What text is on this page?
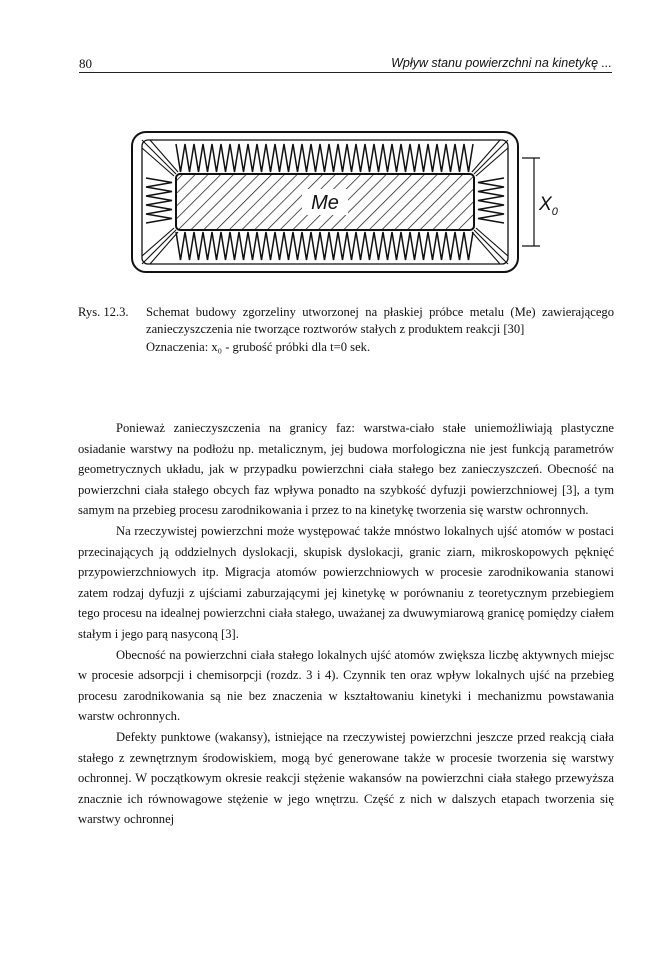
80	Wpływ stanu powierzchni na kinetykę ...
Me	$X_0$
Rys. 12.3. Schemat budowy zgorzeliny utworzonej na płaskiej próbce metalu (Me) zawierającego zanieczyszczenia nie tworzące roztworów stałych z produktem reakcji [30]
Oznaczenia: x₀ - grubość próbki dla t=0 sek.

Ponieważ zanieczyszczenia na granicy faz: warstwa-ciało stałe uniemożliwiają plastyczne osiadanie warstwy na podłożu np. metalicznym, jej budowa morfologiczna nie jest funkcją parametrów geometrycznych układu, jak w przypadku powierzchni ciała stałego bez zanieczyszczeń. Obecność na powierzchni ciała stałego obcych faz wpływa ponadto na szybkość dyfuzji powierzchniowej [3], a tym samym na przebieg procesu zarodnikowania i przez to na kinetykę tworzenia się warstw ochronnych.

Na rzeczywistej powierzchni może występować także mnóstwo lokalnych ujść atomów w postaci przecinających ją oddzielnych dyslokacji, skupisk dyslokacji, granic ziarn, mikroskopowych pęknięć przypowierzchniowych itp. Migracja atomów powierzchniowych w procesie zarodnikowania stanowi zatem rodzaj dyfuzji z ujściami zaburzającymi jej kinetykę w porównaniu z teoretycznym przebiegiem tego procesu na idealnej powierzchni ciała stałego, uważanej za dwuwymiarową granicę pomiędzy ciałem stałym i jego parą nasyconą [3].

Obecność na powierzchni ciała stałego lokalnych ujść atomów zwiększa liczbę aktywnych miejsc w procesie adsorpcji i chemisorpcji (rozdz. 3 i 4). Czynnik ten oraz wpływ lokalnych ujść na przebieg procesu zarodnikowania są nie bez znaczenia w kształtowaniu kinetyki i mechanizmu powstawania warstw ochronnych.

Defekty punktowe (wakansy), istniejące na rzeczywistej powierzchni jeszcze przed reakcją ciała stałego z zewnętrznym środowiskiem, mogą być generowane także w procesie tworzenia się warstwy ochronnej. W początkowym okresie reakcji stężenie wakansów na powierzchni ciała stałego przewyższa znacznie ich równowagowe stężenie w jego wnętrzu. Część z nich w dalszych etapach tworzenia się warstwy ochronnej
